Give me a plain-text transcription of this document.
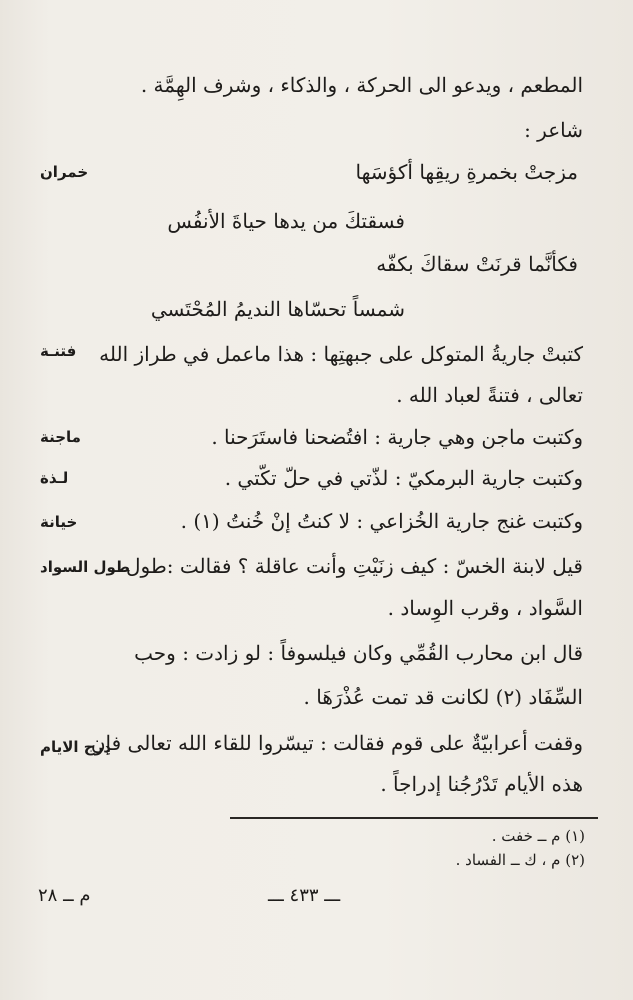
المطعم ، ويدعو الى الحركة ، والذكاء ، وشرف الهِمَّة .
شاعر :
مزجتْ بخمرةِ ريقِها أكؤسَها
فسقتكَ من يدها حياةَ الأنفُس
فكأنَّما قرنَتْ سقاكَ بكفّه
شمساً تحسّاها النديمُ المُحْتَسي
كتبتْ جاريةُ المتوكل على جبهتِها : هذا ماعمل في طراز الله
تعالى ، فتنةً لعباد الله .
وكتبت ماجن وهي جارية : افتُضحنا فاستَرَحنا .
وكتبت جارية البرمكيّ : لذّتي في حلّ تكّتي .
وكتبت غنج جارية الخُزاعي : لا كنتُ إنْ خُنتُ (١) .
قيل لابنة الخسّ : كيف زنَيْتِ وأنت عاقلة ؟ فقالت :طول
السَّواد ، وقرب الوِساد .
قال ابن محارب القُمِّي وكان فيلسوفاً : لو زادت : وحب
السِّفَاد (٢) لكانت قد تمت عُذْرَهَا .
وقفت أعرابيّةٌ على قوم فقالت : تيسّروا للقاء الله تعالى فإن
هذه الأيام تَدْرُجُنا إدراجاً .
خمران
فتنـة
ماجنة
لـذة
خيانة
طول السواد
درج الايام
(١) م ــ خفت .
(٢) م ، ك ــ الفساد .
ـــ ٤٣٣ ـــ
م ــ ٢٨
